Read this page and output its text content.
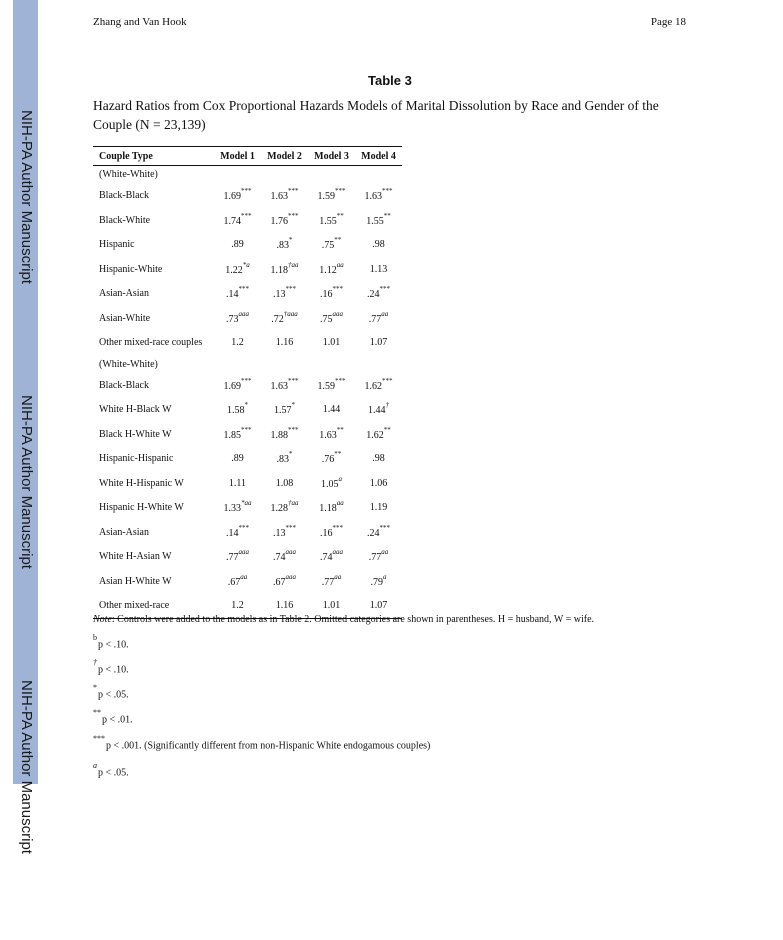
NIH-PA Author Manuscript
NIH-PA Author Manuscript
NIH-PA Author Manuscript
Zhang and Van Hook	Page 18
Table 3
Hazard Ratios from Cox Proportional Hazards Models of Marital Dissolution by Race and Gender of the Couple (N = 23,139)
Couple Type	Model 1	Model 2	Model 3	Model 4
(White-White)				
Black-Black	1.69***	1.63***	1.59***	1.63***
Black-White	1.74***	1.76***	1.55**	1.55**
Hispanic	.89	.83*	.75**	.98
Hispanic-White	1.22$^{*a}$	$1.18^{\dagger aa}$	1.12$^{aa}$	1.13
Asian-Asian	.14***	.13***	.16***	.24***
Asian-White	.73$^{aaa}$	$.72^{\dagger aaa}$	.75$^{aaa}$	.77$^{aa}$
Other mixed-race couples	1.2	1.16	1.01	1.07
(White-White)				
Black-Black	1.69***	1.63***	1.59***	1.62***
White H-Black W	1.58*	1.57*	1.44	1.44†
Black H-White W	1.85***	1.88***	1.63**	1.62**
Hispanic-Hispanic	.89	.83*	.76**	.98
White H-Hispanic W	1.11	1.08	1.05$^a$	1.06
Hispanic H-White W	$1.33^{*aa}$	$1.28^{\dagger aa}$	1.18$^{aa}$	1.19
Asian-Asian	.14***	.13***	.16***	.24***
White H-Asian W	.77$^{aaa}$	.74$^{aaa}$	.74$^{aaa}$	.77$^{aa}$
Asian H-White W	.67$^{aa}$	.67$^{aaa}$	.77$^{aa}$	.79$^a$
Other mixed-race	1.2	1.16	1.01	1.07
Note: Controls were added to the models as in Table 2. Omitted categories are shown in parentheses. H = husband, W = wife.
$^b$p < .10.
†p < .10.
*p < .05.
**p < .01.
***p < .001. (Significantly different from non-Hispanic White endogamous couples)
$^a$p < .05.
